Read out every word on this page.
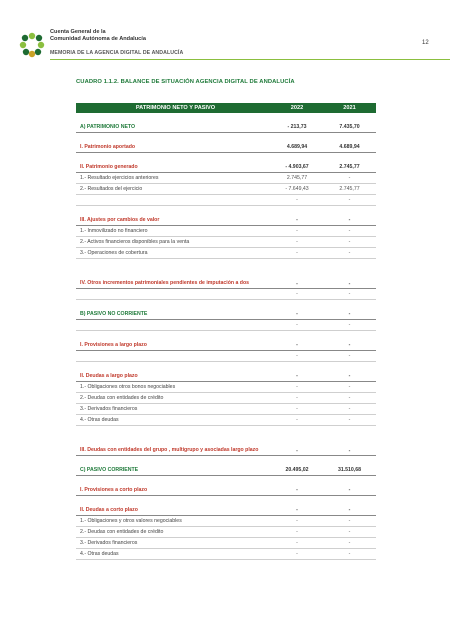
Cuenta General de la
Comunidad Autónoma de Andalucía
MEMORIA DE LA AGENCIA DIGITAL DE ANDALUCÍA
12
CUADRO 1.1.2. BALANCE DE SITUACIÓN AGENCIA DIGITAL DE ANDALUCÍA
PATRIMONIO NETO Y PASIVO	2022	2021
A) PATRIMONIO NETO	- 213,73	7.435,70
I. Patrimonio aportado	4.689,94	4.689,94
II. Patrimonio generado	- 4.903,67	2.745,77
1.- Resultado ejercicios anteriores	2.745,77	-
2.- Resultados del ejercicio	- 7.649,43	2.745,77
-	-
III. Ajustes por cambios de valor	-	-
1.- Inmovilizado no financiero	-	-
2.- Activos financieros disponibles para la venta	-	-
3.- Operaciones de cobertura	-	-
IV. Otros incrementos patrimoniales pendientes de imputación a dos	-	-
-	-
B) PASIVO NO CORRIENTE	-	-
-	-
I. Provisiones a largo plazo	-	-
-	-
II. Deudas a largo plazo	-	-
1.- Obligaciones otros bonos negociables	-	-
2.- Deudas con entidades de crédito	-	-
3.- Derivados financieros	-	-
4.- Otras deudas	-	-
III. Deudas con entidades del grupo , multigrupo y asociadas largo plazo	-	-
C) PASIVO CORRIENTE	20.495,02	31.510,68
I. Provisiones a corto plazo	-	-
II. Deudas a corto plazo	-	-
1.- Obligaciones y otros valores negociables	-	-
2.- Deudas con entidades de crédito	-	-
3.- Derivados financieros	-	-
4.- Otras deudas	-	-
